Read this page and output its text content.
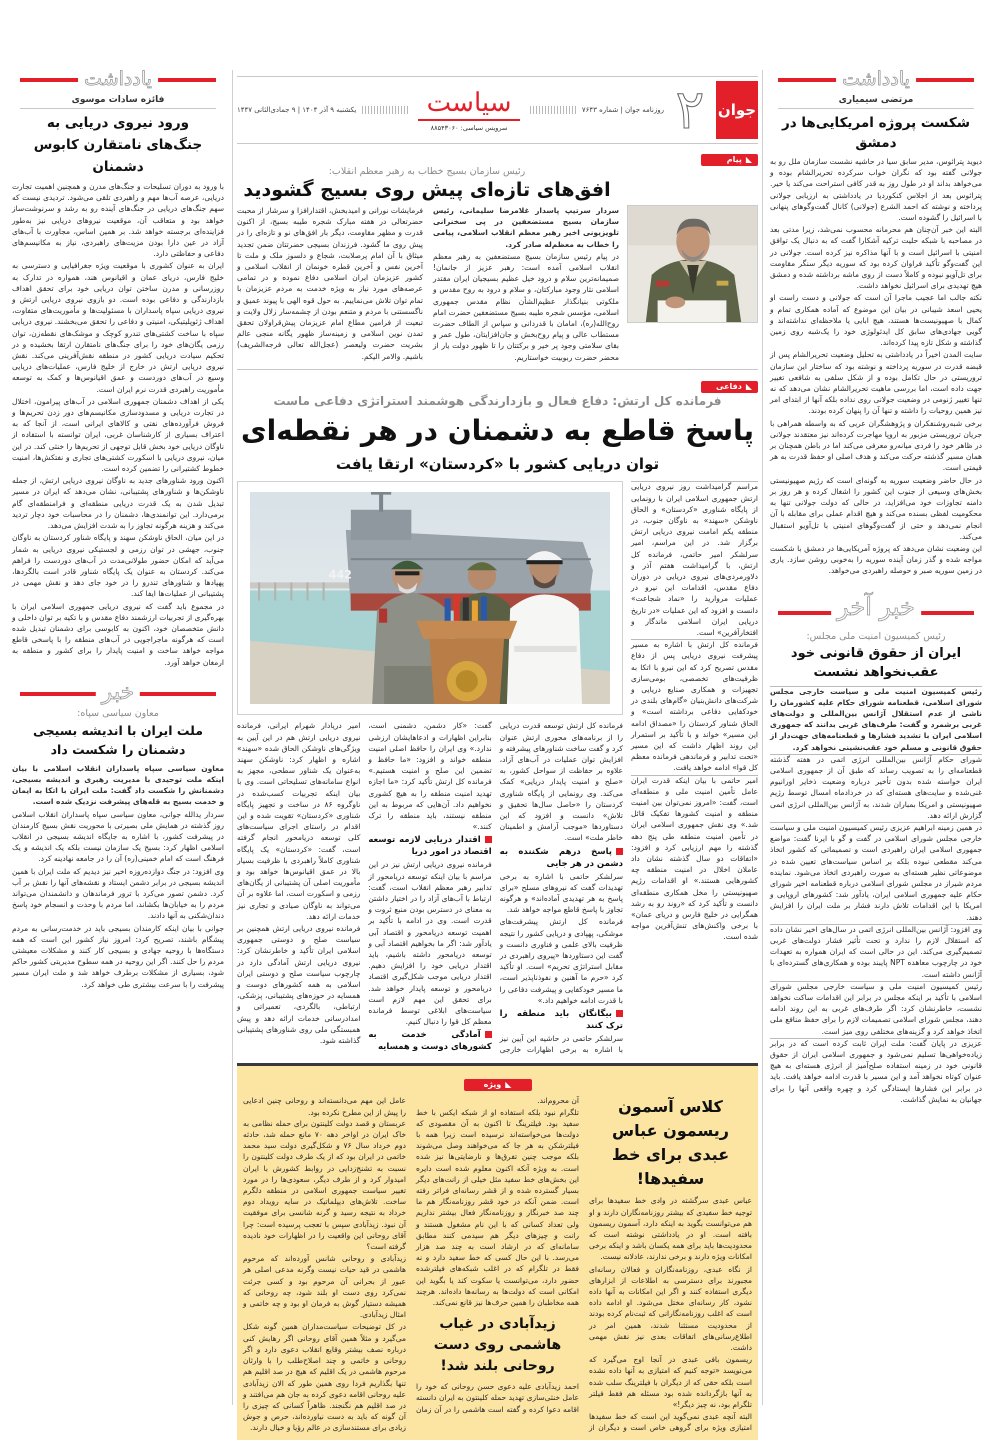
یادداشت
مرتضی سیمیاری
شکست پروژه امریکایی‌ها در دمشق

دیوید پترائوس، مدیر سابق سیا در حاشیه نشست سازمان ملل رو به جولانی گفته بود که نگران خواب سرکرده تحریرالشام بوده و می‌خواهد بداند او در طول روز به قدر کافی استراحت می‌کند یا خیر. پترائوس بعد از اجلاس کنکوردیا در یادداشتی به ارزیابی جولانی پرداخته و نوشته که احمد الشرع (جولانی) کانال گفت‌وگوهای پنهانی با اسرائیل را گشوده است.

البته این خبر آن‌چنان هم محرمانه محسوب نمی‌شد، زیرا مدتی بعد در مصاحبه با شبکه حلیت ترکیه آشکارا گفت که به دنبال یک توافق امنیتی با اسرائیل است و با آنها مذاکره نیز کرده است. جولانی در این گفت‌وگو تأکید فراوان کرده بود که سوریه دیگر سنگر مقاومت برای تل‌آویو نبوده و کاملاً دست از روی ماشه برداشته شده و دمشق هیچ تهدیدی برای اسرائیل نخواهد داشت.

نکته جالب اما عجیب ماجرا آن است که جولانی و دست راست او یحیی اسعد شیبانی در بیان این موضوع که آماده همکاری تمام و کمال با صهیونیست‌ها هستند، هیچ ابایی یا ملاحظه‌ای نداشته‌اند و گویی جهادی‌های سابق کل ایدئولوژی خود را یک‌شبه روی زمین گذاشته و شکل تازه پیدا کرده‌اند.

سایت المدن اخیراً در یادداشتی به تحلیل وضعیت تحریرالشام پس از قبضه قدرت در سوریه پرداخته و نوشته بود که ساختار این سازمان تروریستی در حال تکامل بوده و از شکل سلفی به شافعی تغییر جهت داده است، اما بررسی ماهیت تحریرالشام نشان می‌دهد که نه تنها تغییر ژنومی در وضعیت جولانی روی نداده بلکه آنها از ابتدای امر نیز همین روحیات را داشته و تنها آن را پنهان کرده بودند.

برخی شبه‌روشنفکران و پژوهشگران عربی که به واسطه همراهی با جریان تروریستی مزبور به اروپا مهاجرت کرده‌اند نیز معتقدند جولانی در ظاهر خود را فردی میانه‌رو معرفی می‌کند اما در باطن همچنان بر همان مسیر گذشته حرکت می‌کند و هدف اصلی او حفظ قدرت به هر قیمتی است.

در حال حاضر وضعیت سوریه به گونه‌ای است که رژیم صهیونیستی بخش‌های وسیعی از جنوب این کشور را اشغال کرده و هر روز بر دامنه تجاوزات خود می‌افزاید، در حالی که دولت جولانی تنها به محکومیت لفظی بسنده می‌کند و هیچ اقدام عملی برای مقابله با آن انجام نمی‌دهد و حتی از گفت‌وگوهای امنیتی با تل‌آویو استقبال می‌کند.

این وضعیت نشان می‌دهد که پروژه آمریکایی‌ها در دمشق با شکست مواجه شده و گذر زمان آینده سوریه را به‌خوبی روشن سازد. یاری در زمین سوریه صبر و حوصله راهبردی می‌خواهد.

خبر آخر
رئیس کمیسیون امنیت ملی مجلس:
ایران از حقوق قانونی خود عقب‌نخواهد نشست

رئیس کمیسیون امنیت ملی و سیاست خارجی مجلس شورای اسلامی، قطعنامه شورای حکام علیه کشورمان را ناشی از عدم استقلال آژانس بین‌المللی و دولت‌های غربی برشمرد و گفت: طرف‌های غربی بدانند که جمهوری اسلامی ایران با تشدید فشارها و قطعنامه‌های جهت‌دار از حقوق قانونی و مسلم خود عقب‌نشینی نخواهد کرد.

شورای حکام آژانس بین‌المللی انرژی اتمی در هفته گذشته قطعنامه‌ای را به تصویب رساند که طبق آن از جمهوری اسلامی ایران خواسته شده بدون تأخیر درباره وضعیت ذخایر اورانیوم غنی‌شده و سایت‌های هسته‌ای که در خردادماه امسال توسط رژیم صهیونیستی و امریکا بمباران شدند، به آژانس بین‌المللی انرژی اتمی گزارش ارائه دهد.

در همین زمینه ابراهیم عزیزی رئیس کمیسیون امنیت ملی و سیاست خارجی مجلس شورای اسلامی در گفت و گو با ایرنا گفت: مواضع جمهوری اسلامی ایران راهبردی است و تصمیماتی که کشور اتخاذ می‌کند مقطعی نبوده بلکه بر اساس سیاست‌های تعیین شده در موضوعاتی نظیر هسته‌ای به صورت راهبردی اتخاذ می‌شود. نماینده مردم شیراز در مجلس شورای اسلامی درباره قطعنامه اخیر شورای حکام علیه جمهوری اسلامی ایران، یادآور شد: کشورهای اروپایی و امریکا با این اقدامات تلاش دارند فشار بر ملت ایران را افزایش دهند.

وی افزود: آژانس بین‌المللی انرژی اتمی در سال‌های اخیر نشان داده که استقلال لازم را ندارد و تحت تأثیر فشار دولت‌های غربی تصمیم‌گیری می‌کند. این در حالی است که ایران همواره به تعهدات خود در چارچوب معاهده NPT پایبند بوده و همکاری‌های گسترده‌ای با آژانس داشته است.

رئیس کمیسیون امنیت ملی و سیاست خارجی مجلس شورای اسلامی با تأکید بر اینکه مجلس در برابر این اقدامات ساکت نخواهد نشست، خاطرنشان کرد: اگر طرف‌های غربی به این روند ادامه دهند، مجلس شورای اسلامی تصمیمات لازم را برای حفظ منافع ملی اتخاذ خواهد کرد و گزینه‌های مختلفی روی میز است.

عزیزی در پایان گفت: ملت ایران ثابت کرده است که در برابر زیاده‌خواهی‌ها تسلیم نمی‌شود و جمهوری اسلامی ایران از حقوق قانونی خود در زمینه استفاده صلح‌آمیز از انرژی هسته‌ای به هیچ عنوان کوتاه نخواهد آمد و این مسیر با قدرت ادامه خواهد یافت. باید در برابر این فشارها ایستادگی کرد و چهره واقعی آنها را برای جهانیان به نمایش گذاشت.

یادداشت
فائزه سادات موسوی
ورود نیروی دریایی به جنگ‌های نامتقارن کابوس دشمنان

با ورود به دوران تسلیحات و جنگ‌های مدرن و همچنین اهمیت تجارت دریایی، عرصه آب‌ها مهم و راهبردی تلقی می‌شود. تردیدی نیست که سهم جنگ‌های دریایی در جنگ‌های آینده رو به رشد و سرنوشت‌ساز خواهد بود و متعاقب آن، موقعیت نیروهای دریایی نیز به‌طور فزاینده‌ای برجسته خواهد شد. بر همین اساس، مجاورت با آب‌های آزاد در عین دارا بودن مزیت‌های راهبردی، نیاز به مکانیسم‌های دفاعی و حفاظتی دارد.

ایران به عنوان کشوری با موقعیت ویژه جغرافیایی و دسترسی به خلیج فارس، دریای عمان و اقیانوس هند، همواره در تدارک به روزرسانی و مدرن ساختن توان دریایی خود برای تحقق اهداف بازدارندگی و دفاعی بوده است. دو بازوی نیروی دریایی ارتش و نیروی دریایی سپاه پاسداران با مسئولیت‌ها و مأموریت‌های متفاوت، اهداف ژئوپلیتیکی، امنیتی و دفاعی را تحقق می‌بخشند. نیروی دریایی سپاه با ساخت کشتی‌های تندرو کوچک و موشک‌های نقطه‌زن، توان رزمی یگان‌های خود را برای جنگ‌های نامتقارن ارتقا بخشیده و در تحکیم سیادت دریایی کشور در منطقه نقش‌آفرینی می‌کند. نقش نیروی دریایی ارتش در خارج از خلیج فارس، عملیات‌های دریایی وسیع در آب‌های دوردست و عمق اقیانوس‌ها و کمک به توسعه مأموریت راهبردی قدرت نرم ایران است.

یکی از اهداف دشمنان جمهوری اسلامی در آب‌های پیرامون، اختلال در تجارت دریایی و مسدودسازی مکانیسم‌های دور زدن تحریم‌ها و فروش فرآورده‌های نفتی و کالاهای ایرانی است، از آنجا که به اعتراف بسیاری از کارشناسان غربی، ایران توانسته با استفاده از ناوگان دریایی خود بخش قابل توجهی از تحریم‌ها را خنثی کند. در این میان، نیروی دریایی با اسکورت کشتی‌های تجاری و نفتکش‌ها، امنیت خطوط کشتیرانی را تضمین کرده است.

اکنون ورود شناورهای جدید به ناوگان نیروی دریایی ارتش، از جمله ناوشکن‌ها و شناورهای پشتیبانی، نشان می‌دهد که ایران در مسیر تبدیل شدن به یک قدرت دریایی منطقه‌ای و فرامنطقه‌ای گام برمی‌دارد. این توانمندی‌ها، دشمنان را در محاسبات خود دچار تردید می‌کند و هزینه هرگونه تجاوز را به شدت افزایش می‌دهد.

در این میان، الحاق ناوشکن سهند و پایگاه شناور کردستان به ناوگان جنوب، جهشی در توان رزمی و لجستیکی نیروی دریایی به شمار می‌آید که امکان حضور طولانی‌مدت در آب‌های دوردست را فراهم می‌کند. کردستان به عنوان یک پایگاه شناور قادر است بالگردها، پهپادها و شناورهای تندرو را در خود جای دهد و نقش مهمی در پشتیبانی از عملیات‌ها ایفا کند.

در مجموع باید گفت که نیروی دریایی جمهوری اسلامی ایران با بهره‌گیری از تجربیات ارزشمند دفاع مقدس و با تکیه بر توان داخلی و دانش متخصصان خود، اکنون به کابوسی برای دشمنان تبدیل شده است که هرگونه ماجراجویی در آب‌های منطقه را با پاسخی قاطع مواجه خواهد ساخت و امنیت پایدار را برای کشور و منطقه به ارمغان خواهد آورد.

خبر
معاون سیاسی سپاه:
ملت ایران با اندیشه بسیجی دشمنان را شکست داد

معاون سیاسی سپاه پاسداران انقلاب اسلامی با بیان اینکه ملت توحیدی با مدیریت رهبری و اندیشه بسیجی، دشمنانش را شکست داد گفت: ملت ایران با اتکا به ایمان و خدمت بسیج به قله‌های پیشرفت نزدیک شده است.

سردار یدالله جوانی، معاون سیاسی سپاه پاسداران انقلاب اسلامی روز گذشته در همایش ملی بصیرتی با محوریت نقش بسیج کارمندان در پیشرفت کشور، با اشاره به جایگاه اندیشه بسیجی در انقلاب اسلامی اظهار کرد: بسیج یک سازمان نیست بلکه یک اندیشه و یک فرهنگ است که امام خمینی(ره) آن را در جامعه نهادینه کرد.

وی افزود: در جنگ دوازده‌روزه اخیر نیز دیدیم که ملت ایران با همین اندیشه بسیجی در برابر دشمن ایستاد و نقشه‌های آنها را نقش بر آب کرد. دشمن تصور می‌کرد با ترور فرماندهان و دانشمندان می‌تواند مردم را به خیابان‌ها بکشاند، اما مردم با وحدت و انسجام خود پاسخ دندان‌شکنی به آنها دادند.

جوانی با بیان اینکه کارمندان بسیجی باید در خدمت‌رسانی به مردم پیشگام باشند، تصریح کرد: امروز نیاز کشور این است که همه دستگاه‌ها با روحیه جهادی و بسیجی کار کنند و مشکلات معیشتی مردم را حل کنند. اگر این روحیه در همه سطوح مدیریتی کشور حاکم شود، بسیاری از مشکلات برطرف خواهد شد و ملت ایران مسیر پیشرفت را با سرعت بیشتری طی خواهد کرد.

جوان
۲
روزنامه جوان | شماره ۷۶۴۳
سیاست
سرویس سیاسی: ۸۸۵۴۳۰۶۰
یکشنبه ۹ آذر ۱۴۰۴ | ۹ جمادی‌الثانی ۱۴۴۷
◣پیام
رئیس سازمان بسیج خطاب به رهبر معظم انقلاب:
افق‌های تازه‌ای پیش روی بسیج گشودید

سردار سرتیپ پاسدار غلامرضا سلیمانی، رئیس سازمان بسیج مستضعفین در پی سخنرانی تلویزیونی اخیر رهبر معظم انقلاب اسلامی، پیامی را خطاب به معظم‌له صادر کرد.

در پیام رئیس سازمان بسیج مستضعفین به رهبر معظم انقلاب اسلامی آمده است: رهبر عزیز از جانمان! صمیمانه‌ترین سلام و درود خیل عظیم بسیجیان ایران مقتدر اسلامی نثار وجود مبارکتان، و سلام و درود به روح مقدس و ملکوتی بنیانگذار عظیم‌الشأن نظام مقدس جمهوری اسلامی، مؤسس شجره طیبه بسیج مستضعفین حضرت امام روح‌الله(ره)، امامان با قدردانی و سپاس از الطاف حضرت مستطاب عالی و پیام روح‌بخش و جان‌افزایتان، طول عمر و بقای سلامتی وجود پر خیر و برکتتان را تا ظهور دولت یار از محضر حضرت ربوبیت خواستاریم.

فرمایشات نورانی و امیدبخش، اقتدارافزا و سرشار از محبت حضرتعالی در هفته مبارک شجره طیبه بسیج، از اکنون قدرت و مظهر مقاومت، دیگر بار افق‌های نو و تازه‌ای را در پیش روی ما گشود. فرزندان بسیجی حضرتتان ضمن تجدید میثاق با آن امام پرصلابت، شجاع و دلسوز ملک و ملت تا آخرین نفس و آخرین قطره خونمان از انقلاب اسلامی و کشور عزیزمان ایران اسلامی دفاع نموده و در تمامی عرصه‌های مورد نیاز به ویژه خدمت به مردم عزیزمان با تمام توان تلاش می‌نماییم. به حول قوه الهی با پیوند عمیق و ناگسستنی با مردم و متنعم بودن از چشمه‌سار زلال ولایت و تبعیت از فرامین مطاع امام عزیزمان پیش‌قراولان تحقق تمدن نوین اسلامی و زمینه‌ساز ظهور یگانه منجی عالم بشریت حضرت ولیعصر (عجل‌الله تعالی فرجه‌الشریف) باشیم. والامر الیکم.

◣دفاعی
فرمانده کل ارتش: دفاع فعال و بازدارندگی هوشمند استراتژی دفاعی ماست
پاسخ قاطع به دشمنان در هر نقطه‌ای
توان دریایی کشور با «کردستان» ارتقا یافت

مراسم گرامیداشت روز نیروی دریایی ارتش جمهوری اسلامی ایران با رونمایی از پایگاه شناوری «کردستان» و الحاق ناوشکن «سهند» به ناوگان جنوب، در منطقه یکم امامت نیروی دریایی ارتش برگزار شد. در این مراسم، امیر سرلشکر امیر حاتمی، فرمانده کل ارتش، با گرامیداشت هفتم آذر و دلاورمردی‌های نیروی دریایی در دوران دفاع مقدس، اقدامات این نیرو در عملیات مروارید را «نماد شجاعت» دانست و افزود که این عملیات «در تاریخ دریایی ایران اسلامی ماندگار و افتخارآفرین» است.

فرمانده کل ارتش با اشاره به مسیر پیشرفت نیروی دریایی پس از دفاع مقدس تصریح کرد که این نیرو با اتکا به ظرفیت‌های تخصصی، بومی‌سازی تجهیزات و همکاری صنایع دریایی و شرکت‌های دانش‌بنیان «گام‌های بلندی در خودکفایی دفاعی برداشته است» و الحاق شناور کردستان را «مصداق ادامه این مسیر» خواند و با تأکید بر استمرار این روند اظهار داشت که این مسیر «تحت تدابیر و فرماندهی فرمانده معظم کل قوا» ادامه خواهد یافت.

امیر حاتمی با بیان اینکه قدرت ایران عامل تأمین امنیت ملی و منطقه‌ای است، گفت: «امروز نمی‌توان بین امنیت منطقه و امنیت کشورها تفکیک قائل شد.» وی نقش جمهوری اسلامی ایران در تأمین امنیت منطقه طی پنج دهه گذشته را مهم ارزیابی کرد و افزود: «اتفاقات دو سال گذشته نشان داد عاملان اخلال در امنیت منطقه چه کشورهایی هستند.» او اقدامات رژیم صهیونیستی را مخل همکاری منطقه‌ای دانست و تأکید کرد که «روند رو به رشد همگرایی در خلیج فارس و دریای عمان» با برخی واکنش‌های تنش‌آفرین مواجه شده است.

442

فرمانده کل ارتش توسعه قدرت دریایی را از برنامه‌های محوری ارتش عنوان کرد و گفت ساخت شناورهای پیشرفته و افزایش توان عملیات در آب‌های آزاد، علاوه بر حفاظت از سواحل کشور، به «صلح و امنیت پایدار دریایی» کمک می‌کند. وی رونمایی از پایگاه شناوری کردستان را «حاصل سال‌ها تحقیق و تلاش» دانست و افزود که این دستاوردها «موجب آرامش و اطمینان خاطر ملت» است.

پاسخ درهم شکننده به دشمن در هر جایی

سرلشکر حاتمی با اشاره به برخی تهدیدات گفت که نیروهای مسلح «برای پاسخ به هر تهدیدی آماده‌اند» و هرگونه تجاوز با پاسخ قاطع مواجه خواهد شد.

فرمانده کل ارتش پیشرفت‌های موشکی، پهپادی و دریایی کشور را نتیجه ظرفیت بالای علمی و فناوری دانست و گفت این دستاوردها «پیروی راهبردی در مقابل استراتژی تحریم» است. او تأکید کرد «حرم ما آهنین و نفوذناپذیر است، ما مسیر خودکفایی و پیشرفت دفاعی را با قدرت ادامه خواهیم داد.»

بیگانگان باید منطقه را ترک کنند

سرلشکر حاتمی در حاشیه این آیین نیز با اشاره به برخی اظهارات خارجی گفت: «کار دشمن، دشمنی است، بنابراین اظهارات و ادعاهایشان ارزشی ندارد.» وی ایران را حافظ اصلی امنیت منطقه خواند و افزود: «ما حافظ و تضمین این صلح و امنیت هستیم.» فرمانده کل ارتش تأکید کرد: «ما اجازه تهدید امنیت منطقه را به هیچ کشوری نخواهیم داد. آن‌هایی که مربوط به این منطقه نیستند، باید منطقه را ترک کنند.»

اقتدار دریایی لازمه توسعه اقتصاد در امور دریا

فرمانده نیروی دریایی ارتش نیز در این مراسم با بیان اینکه توسعه دریامحور از تدابیر رهبر معظم انقلاب است، گفت: ارتباط با آب‌های آزاد را در اختیار داشتن به معنای در دسترس بودن منبع ثروت و قدرت است. وی در ادامه با تأکید بر اهمیت توسعه دریامحور و اقتصاد آبی یادآور شد: اگر ما بخواهیم اقتصاد آبی و توسعه دریامحور داشته باشیم، باید اقتدار دریایی خود را افزایش دهیم. اقتدار دریایی موجب شکل‌گیری اقتصاد دریامحور و توسعه پایدار خواهد شد. برای تحقق این مهم لازم است سیاست‌های ابلاغی توسط فرمانده معظم کل قوا را دنبال کنیم.

آمادگی خدمت به کشورهای دوست و همسایه

امیر دریادار شهرام ایرانی، فرمانده نیروی دریایی ارتش هم در این آیین به ویژگی‌های ناوشکن الحاق شده «سهند» اشاره و اظهار کرد: ناوشکن سهند به‌عنوان یک شناور سطحی، مجهز به انواع سامانه‌های تسلیحاتی است. وی با بیان اینکه تجربیات کسب‌شده در ناوگروه ۸۶ در ساخت و تجهیز پایگاه شناوری «کردستان» تقویت شده و این اقدام در راستای اجرای سیاست‌های کلی توسعه دریامحور انجام گرفته است، گفت: «کردستان» یک پایگاه شناوری کاملاً راهبردی با ظرفیت بسیار بالا در عمق اقیانوس‌ها خواهد بود و مأموریت اصلی آن پشتیبانی از یگان‌های رزمی و اسکورت است، اما علاوه بر آن می‌تواند به ناوگان صیادی و تجاری نیز خدمات ارائه دهد.

فرمانده نیروی دریایی ارتش همچنین بر سیاست صلح و دوستی جمهوری اسلامی ایران تأکید و خاطرنشان کرد: نیروی دریایی ارتش آمادگی دارد در چارچوب سیاست صلح و دوستی ایران اسلامی به همه کشورهای دوست و همسایه در حوزه‌های پشتیبانی، پزشکی، ارتباطی، بالگردی، تعمیراتی و امدادرسانی خدمات ارائه دهد و پیش همبستگی ملی روی شناورهای پشتیبانی گذاشته شود.

◣ویژه
کلاس آسمون ریسمون عباس عبدی برای خط سفیدها!

عباس عبدی سرگشته در وادی خط سفیدها برای توجیه خط سفیدی که بیشتر روزنامه‌نگاران دارند و او هم می‌توانست بگوید به اینکه دارد، آسمون ریسمون بافته است. او در یادداشتی نوشته است که محدودیت‌ها باید برای همه یکسان باشد و اینکه برخی امکانات ویژه دارند و برخی ندارند، عادلانه نیست.

از نگاه عبدی، روزنامه‌نگاران و فعالان رسانه‌ای مجبورند برای دسترسی به اطلاعات از ابزارهای دیگری استفاده کنند و اگر این امکانات به آنها داده نشود، کار رسانه‌ای مختل می‌شود. او ادامه داده است که اغلب روزنامه‌نگارانی که ثبت‌نام کرده بودند از محدودیت مستثنا شدند، همین امر در اطلاع‌رسانی‌های اتفاقات بعدی نیز نقش مهمی داشت.

ریسمون بافی عبدی در آنجا اوج می‌گیرد که می‌نویسد «توجه کنیم که امتیازی به آنها داده نشده است بلکه حقی که از دیگران با فیلترینگ سلب شده به آنها بازگردانده شده بود مسئله هم فقط فیلتر تلگرام بود، نه چیز دیگر!»

البته آنچه عبدی نمی‌گوید این است که خط سفیدها امتیازی ویژه برای گروهی خاص است و دیگران از آن محروم‌اند.

تلگرام نبود بلکه استفاده او از شبکه ایکس با خط سفید بود. فیلترینگ تا اکنون به آن مقصودی که دولت‌ها می‌خواسته‌اند نرسیده است زیرا همه با فیلترشکن به هر جا که می‌خواهند وصل می‌شوند بلکه موجب چنین تفرق‌ها و نارضایتی‌ها نیز شده است. به ویژه آنکه اکنون معلوم شده است دایره این بخش‌های خط سفید مثل خیلی از رانت‌های دیگر بسیار گسترده شده و از قشر رسانه‌ای فراتر رفته است. ضمن آنکه در خود قشر روزنامه‌نگار هم ما چند صد خبرنگار و روزنامه‌نگار فعال بیشتر نداریم ولی تعداد کسانی که با این نام مشغول هستند و رانت و چیزهای دیگر هم سیدمی کنند مطابق سامانه‌ای که در ارشاد است به چند صد هزار می‌رسد. با این حال کسی که خط سفید دارد و نه فقط در تلگرام که در اغلب شبکه‌های فیلترشده حضور دارد، می‌توانست یا سکوت کند یا بگوید این امکانی است که دولت‌ها به رسانه‌ها داده‌اند. هرچند همه مخاطبان را همین حرف‌ها نیز قانع نمی‌کند.

زیدآبادی در غیاب هاشمی روی دست روحانی بلند شد!

احمد زیدآبادی علیه دعوی حسن روحانی که خود را عامل خنثی‌سازی تهدید حمله کلینتون به ایران دانسته اقامه دعوا کرده و گفته است هاشمی را در آن زمان عامل این مهم می‌دانسته‌اند و روحانی چنین ادعایی را پیش از این مطرح نکرده بود.

عربستان و قصد دولت کلینتون برای حمله نظامی به خاک ایران در اواخر دهه ۷۰ مانع حمله شد، حادثه دوم خرداد سال ۷۶ و شکل‌گیری دولت سید محمد خاتمی در ایران بود که از یک طرف دولت کلینتون را نسبت به تشنج‌زدایی در روابط کشورش با ایران امیدوار کرد و از طرف دیگر، سعودی‌ها را در مورد تغییر سیاست جمهوری اسلامی در منطقه دلگرم ساخت. تلاش‌های دیپلماتیک در سایه رویداد دوم خرداد به نتیجه رسید و گرنه شانسی برای موفقیت آن نبود. زیدآبادی سپس با تعجب پرسیده است: چرا آقای روحانی این واقعیت را در اظهارات خود نادیده گرفته است؟

زیدآبادی و روحانی شانس آورده‌اند که مرحوم هاشمی در قید حیات نیست وگرنه مدعی اصلی هر عبور از بحرانی آن مرحوم بود و کسی جرئت نمی‌کرد روی دست او بلند شود، چه روحانی که همیشه دستیار گوش به فرمان او بود و چه خاتمی و امثال زیدآبادی.

در کل توضیحات سیاست‌مداران همین گونه شکل می‌گیرد و مثلاً همین آقای روحانی اگر رهایش کنی درباره نصف بیشتر وقایع انقلاب دعوی دارد و اگر روحانی و خاتمی و چند اصلاح‌طلب را با وارثان مرحوم هاشمی در یک اقلیم که هیچ در صد اقلیم هم تنها بگذاریم فردا روی همین طور که الان زیدآبادی علیه روحانی اقامه دعوی کرده به جان هم می‌افتند و در صد اقلیم هم نگنجند. ظاهراً کسانی که چیزی را آن گونه که باید به دست نیاورده‌اند، حرص و جوش زیادی برای مستندسازی در عالم رؤیا و خیال دارند.
